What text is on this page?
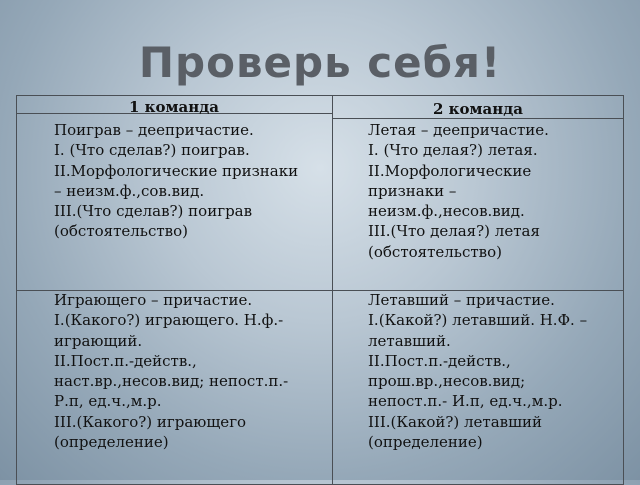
Проверь себя!
1 команда	2 команда
Поиграв – деепричастие.
I. (Что сделав?) поиграв.
II.Морфологические признаки
– неизм.ф.,сов.вид.
III.(Что сделав?) поиграв
(обстоятельство)
Летая – деепричастие.
I. (Что делая?) летая.
II.Морфологические
признаки –
неизм.ф.,несов.вид.
III.(Что делая?) летая
(обстоятельство)
Играющего – причастие.
I.(Какого?) играющего. Н.ф.-
играющий.
II.Пост.п.-действ.,
наст.вр.,несов.вид; непост.п.-
Р.п, ед.ч.,м.р.
III.(Какого?) играющего
(определение)
Летавший – причастие.
I.(Какой?) летавший. Н.Ф. –
летавший.
II.Пост.п.-действ.,
прош.вр.,несов.вид;
непост.п.- И.п, ед.ч.,м.р.
III.(Какой?) летавший
(определение)
